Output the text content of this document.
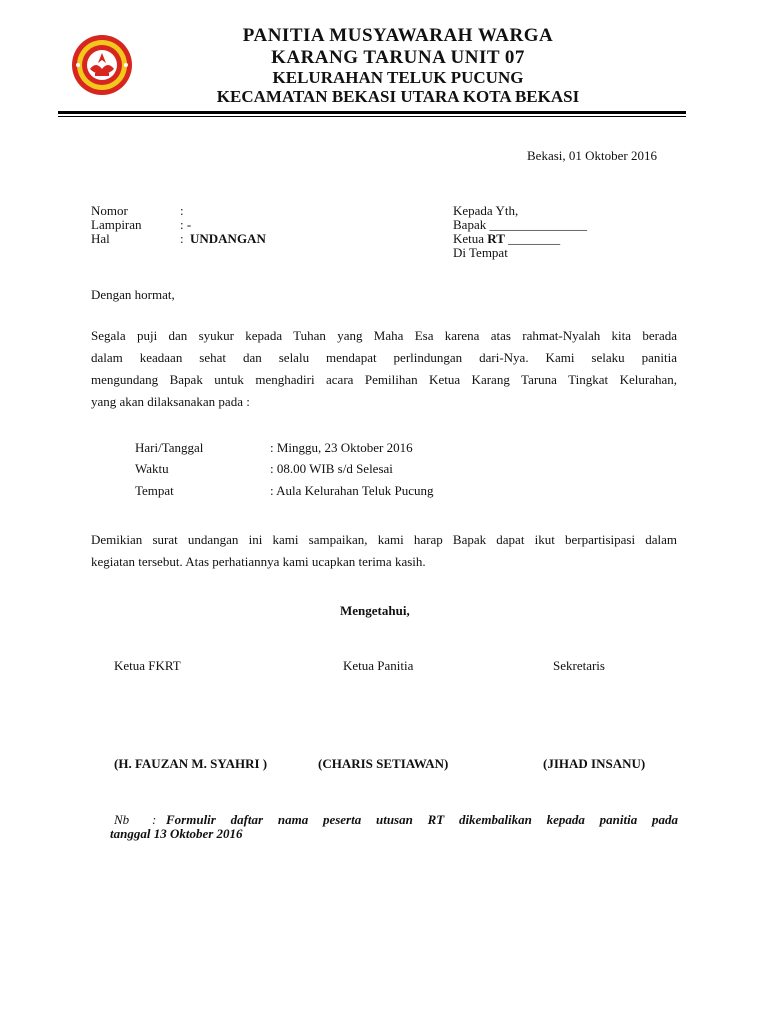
PANITIA MUSYAWARAH WARGA
KARANG TARUNA UNIT 07
KELURAHAN TELUK PUCUNG
KECAMATAN BEKASI UTARA KOTA BEKASI
Bekasi, 01 Oktober 2016
Nomor	:
Lampiran	: -
Hal	: UNDANGAN
Kepada Yth,
Bapak _______________
Ketua RT ________
Di Tempat
Dengan hormat,
Segala puji dan syukur kepada Tuhan yang Maha Esa karena atas rahmat-Nyalah kita berada
dalam keadaan sehat dan selalu mendapat perlindungan dari-Nya. Kami selaku panitia
mengundang Bapak untuk menghadiri acara Pemilihan Ketua Karang Taruna Tingkat Kelurahan,
yang akan dilaksanakan pada :
Hari/Tanggal	: Minggu, 23 Oktober 2016
Waktu	: 08.00 WIB s/d Selesai
Tempat	: Aula Kelurahan Teluk Pucung
Demikian surat undangan ini kami sampaikan, kami harap Bapak dapat ikut berpartisipasi dalam
kegiatan tersebut. Atas perhatiannya kami ucapkan terima kasih.
Mengetahui,
Ketua FKRT	Ketua Panitia	Sekretaris
(H. FAUZAN M. SYAHRI )	(CHARIS SETIAWAN)	(JIHAD INSANU)
Nb : Formulir daftar nama peserta utusan RT dikembalikan kepada panitia pada
tanggal 13 Oktober 2016
